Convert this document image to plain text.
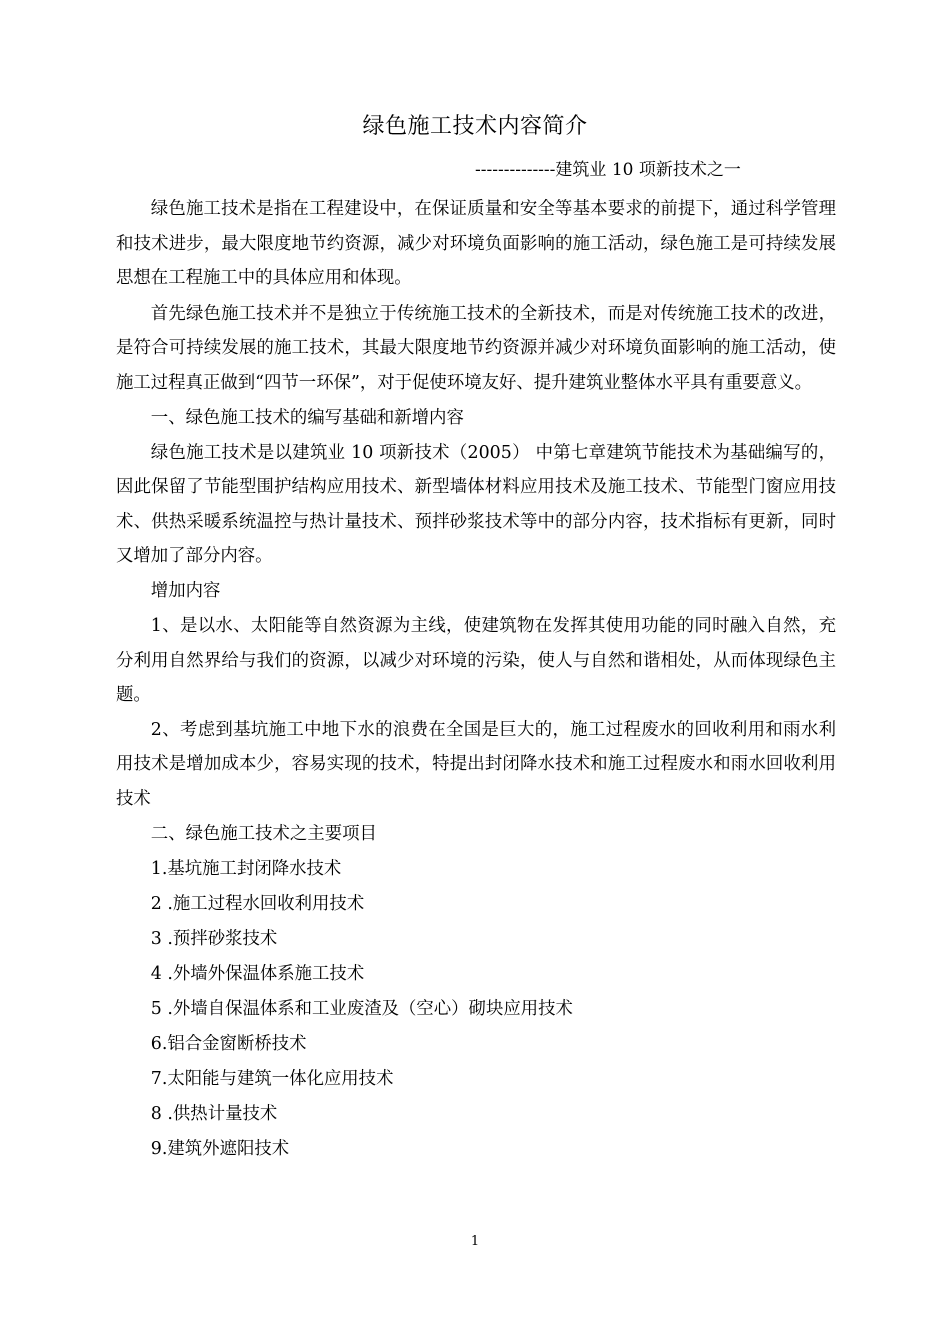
绿色施工技术内容简介
--------------建筑业 10 项新技术之一

绿色施工技术是指在工程建设中，在保证质量和安全等基本要求的前提下，通过科学管理和技术进步，最大限度地节约资源，减少对环境负面影响的施工活动，绿色施工是可持续发展思想在工程施工中的具体应用和体现。

首先绿色施工技术并不是独立于传统施工技术的全新技术，而是对传统施工技术的改进，是符合可持续发展的施工技术，其最大限度地节约资源并减少对环境负面影响的施工活动，使施工过程真正做到“四节一环保”，对于促使环境友好、提升建筑业整体水平具有重要意义。

一、绿色施工技术的编写基础和新增内容

绿色施工技术是以建筑业 10 项新技术（2005） 中第七章建筑节能技术为基础编写的，因此保留了节能型围护结构应用技术、新型墙体材料应用技术及施工技术、节能型门窗应用技术、供热采暖系统温控与热计量技术、预拌砂浆技术等中的部分内容，技术指标有更新，同时又增加了部分内容。

增加内容

1、是以水、太阳能等自然资源为主线，使建筑物在发挥其使用功能的同时融入自然，充分利用自然界给与我们的资源，以减少对环境的污染，使人与自然和谐相处，从而体现绿色主题。

2、考虑到基坑施工中地下水的浪费在全国是巨大的，施工过程废水的回收利用和雨水利用技术是增加成本少，容易实现的技术，特提出封闭降水技术和施工过程废水和雨水回收利用技术

二、绿色施工技术之主要项目

1.基坑施工封闭降水技术

2 .施工过程水回收利用技术

3 .预拌砂浆技术

4 .外墙外保温体系施工技术

5 .外墙自保温体系和工业废渣及（空心）砌块应用技术

6.铝合金窗断桥技术

7.太阳能与建筑一体化应用技术

8 .供热计量技术

9.建筑外遮阳技术

1
